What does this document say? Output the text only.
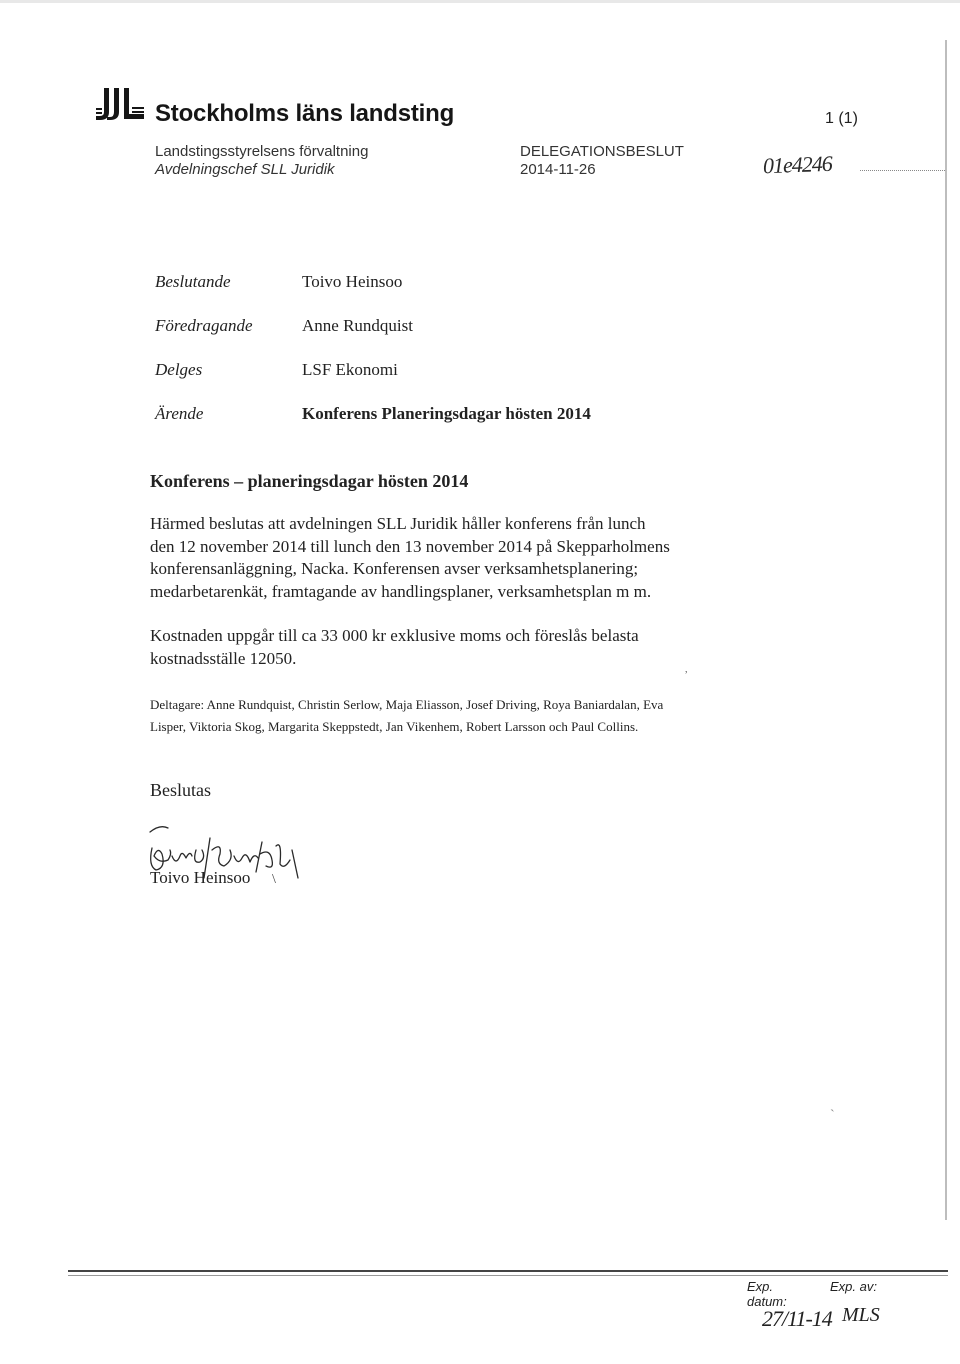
Stockholms läns landsting	1 (1)
Landstingsstyrelsens förvaltning
Avdelningschef SLL Juridik
DELEGATIONSBESLUT
2014-11-26	01e4246
Beslutande	Toivo Heinsoo
Föredragande	Anne Rundquist
Delges	LSF Ekonomi
Ärende	Konferens Planeringsdagar hösten 2014
Konferens – planeringsdagar hösten 2014
Härmed beslutas att avdelningen SLL Juridik håller konferens från lunch
den 12 november 2014 till lunch den 13 november 2014 på Skepparholmens
konferensanläggning, Nacka. Konferensen avser verksamhetsplanering;
medarbetarenkät, framtagande av handlingsplaner, verksamhetsplan m m.
Kostnaden uppgår till ca 33 000 kr exklusive moms och föreslås belasta
kostnadsställe 12050.
,
Deltagare: Anne Rundquist, Christin Serlow, Maja Eliasson, Josef Driving, Roya Baniardalan, Eva
Lisper, Viktoria Skog, Margarita Skeppstedt, Jan Vikenhem, Robert Larsson och Paul Collins.
Beslutas
Toivo Heinsoo \
`
Exp. datum:
Exp. av:
27/11-14 MLS
